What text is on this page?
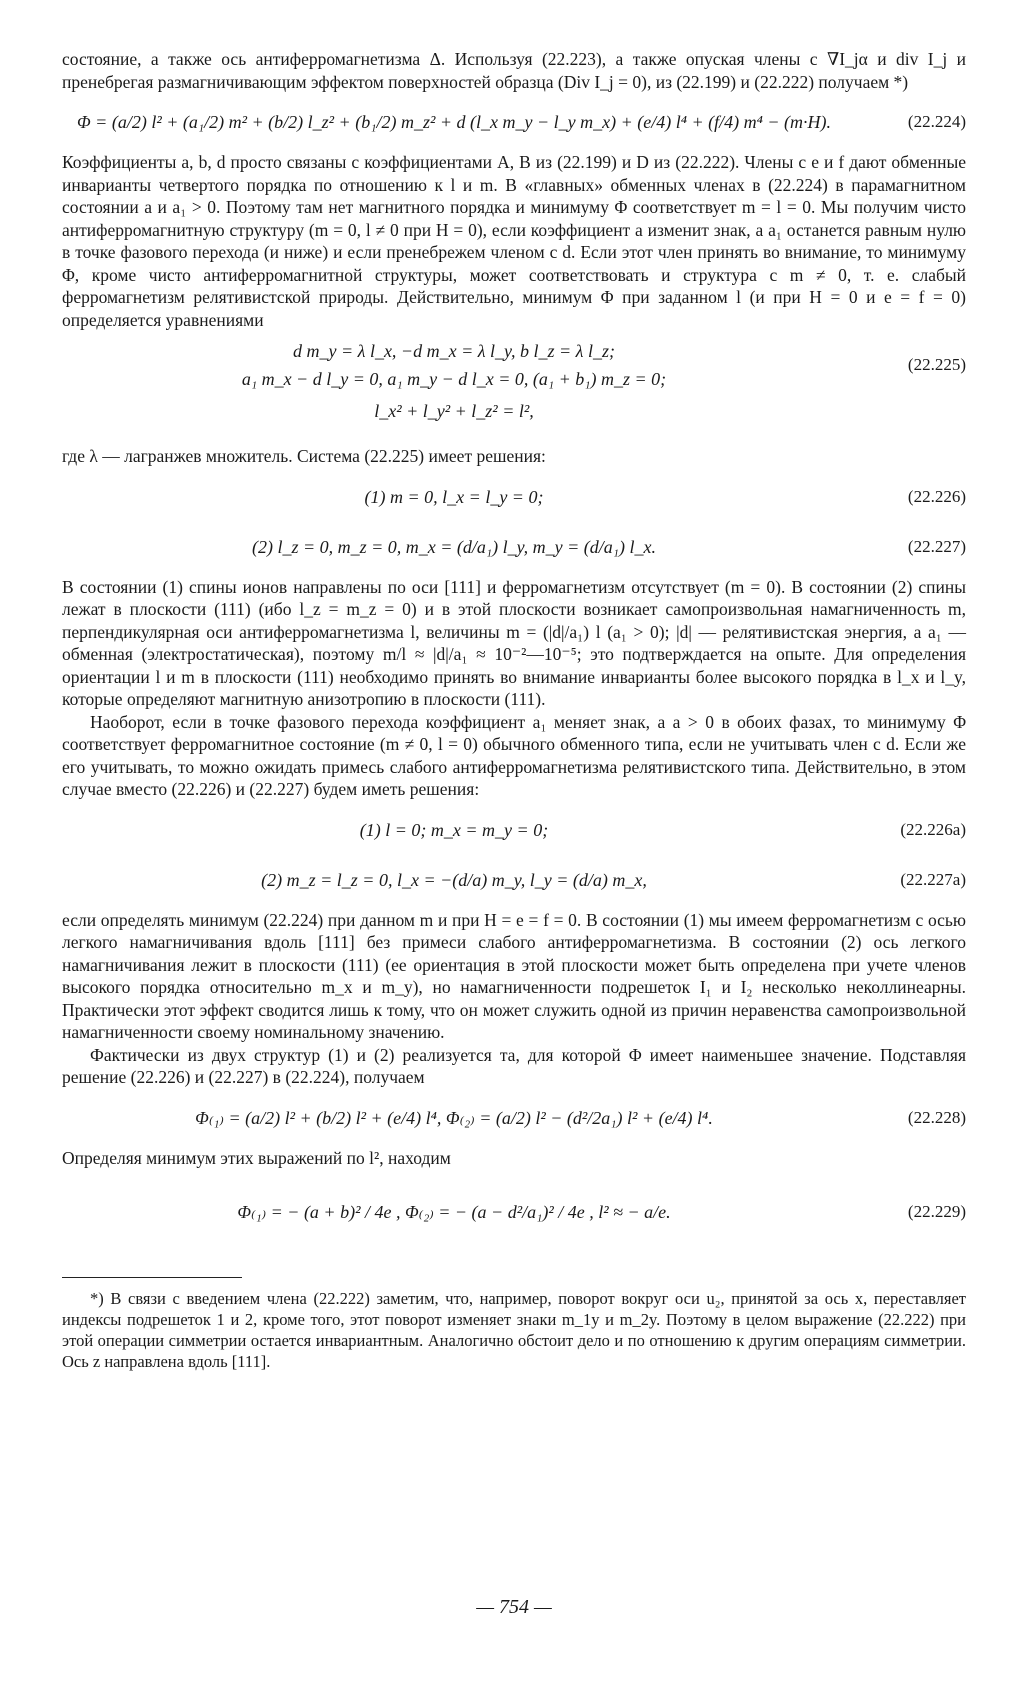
состояние, а также ось антиферромагнетизма Δ. Используя (22.223), а также опуская члены с ∇I_jα и div I_j и пренебрегая размагничивающим эффектом поверхностей образца (Div I_j = 0), из (22.199) и (22.222) получаем *)

Φ = (a/2) l² + (a₁/2) m² + (b/2) l_z² + (b₁/2) m_z² + d (l_x m_y − l_y m_x) + (e/4) l⁴ + (f/4) m⁴ − (m·H).	(22.224)

Коэффициенты a, b, d просто связаны с коэффициентами A, B из (22.199) и D из (22.222). Члены с e и f дают обменные инварианты четвертого порядка по отношению к l и m. В «главных» обменных членах в (22.224) в парамагнитном состоянии a и a₁ > 0. Поэтому там нет магнитного порядка и минимуму Φ соответствует m = l = 0. Мы получим чисто антиферромагнитную структуру (m = 0, l ≠ 0 при H = 0), если коэффициент a изменит знак, а a₁ останется равным нулю в точке фазового перехода (и ниже) и если пренебрежем членом с d. Если этот член принять во внимание, то минимуму Φ, кроме чисто антиферромагнитной структуры, может соответствовать и структура с m ≠ 0, т. е. слабый ферромагнетизм релятивистской природы. Действительно, минимум Φ при заданном l (и при H = 0 и e = f = 0) определяется уравнениями

d m_y = λ l_x, −d m_x = λ l_y, b l_z = λ l_z;
a₁ m_x − d l_y = 0, a₁ m_y − d l_x = 0, (a₁ + b₁) m_z = 0;
l_x² + l_y² + l_z² = l²,
(22.225)

где λ — лагранжев множитель. Система (22.225) имеет решения:

(1) m = 0, l_x = l_y = 0;	(22.226)
(2) l_z = 0, m_z = 0, m_x = (d/a₁) l_y, m_y = (d/a₁) l_x.	(22.227)

В состоянии (1) спины ионов направлены по оси [111] и ферромагнетизм отсутствует (m = 0). В состоянии (2) спины лежат в плоскости (111) (ибо l_z = m_z = 0) и в этой плоскости возникает самопроизвольная намагниченность m, перпендикулярная оси антиферромагнетизма l, величины m = (|d|/a₁) l (a₁ > 0); |d| — релятивистская энергия, а a₁ — обменная (электростатическая), поэтому m/l ≈ |d|/a₁ ≈ 10⁻²—10⁻⁵; это подтверждается на опыте. Для определения ориентации l и m в плоскости (111) необходимо принять во внимание инварианты более высокого порядка в l_x и l_y, которые определяют магнитную анизотропию в плоскости (111).

Наоборот, если в точке фазового перехода коэффициент a₁ меняет знак, а a > 0 в обоих фазах, то минимуму Φ соответствует ферромагнитное состояние (m ≠ 0, l = 0) обычного обменного типа, если не учитывать член с d. Если же его учитывать, то можно ожидать примесь слабого антиферромагнетизма релятивистского типа. Действительно, в этом случае вместо (22.226) и (22.227) будем иметь решения:

(1) l = 0; m_x = m_y = 0;	(22.226a)
(2) m_z = l_z = 0, l_x = −(d/a) m_y, l_y = (d/a) m_x,	(22.227a)

если определять минимум (22.224) при данном m и при H = e = f = 0. В состоянии (1) мы имеем ферромагнетизм с осью легкого намагничивания вдоль [111] без примеси слабого антиферромагнетизма. В состоянии (2) ось легкого намагничивания лежит в плоскости (111) (ее ориентация в этой плоскости может быть определена при учете членов высокого порядка относительно m_x и m_y), но намагниченности подрешеток I₁ и I₂ несколько неколлинеарны. Практически этот эффект сводится лишь к тому, что он может служить одной из причин неравенства самопроизвольной намагниченности своему номинальному значению.

Фактически из двух структур (1) и (2) реализуется та, для которой Φ имеет наименьшее значение. Подставляя решение (22.226) и (22.227) в (22.224), получаем

Φ₍₁₎ = (a/2) l² + (b/2) l² + (e/4) l⁴, Φ₍₂₎ = (a/2) l² − (d²/2a₁) l² + (e/4) l⁴.	(22.228)

Определяя минимум этих выражений по l², находим

Φ₍₁₎ = − (a + b)² / 4e , Φ₍₂₎ = − (a − d²/a₁)² / 4e , l² ≈ − a/e.	(22.229)

*) В связи с введением члена (22.222) заметим, что, например, поворот вокруг оси u₂, принятой за ось x, переставляет индексы подрешеток 1 и 2, кроме того, этот поворот изменяет знаки m_1y и m_2y. Поэтому в целом выражение (22.222) при этой операции симметрии остается инвариантным. Аналогично обстоит дело и по отношению к другим операциям симметрии. Ось z направлена вдоль [111].

— 754 —
